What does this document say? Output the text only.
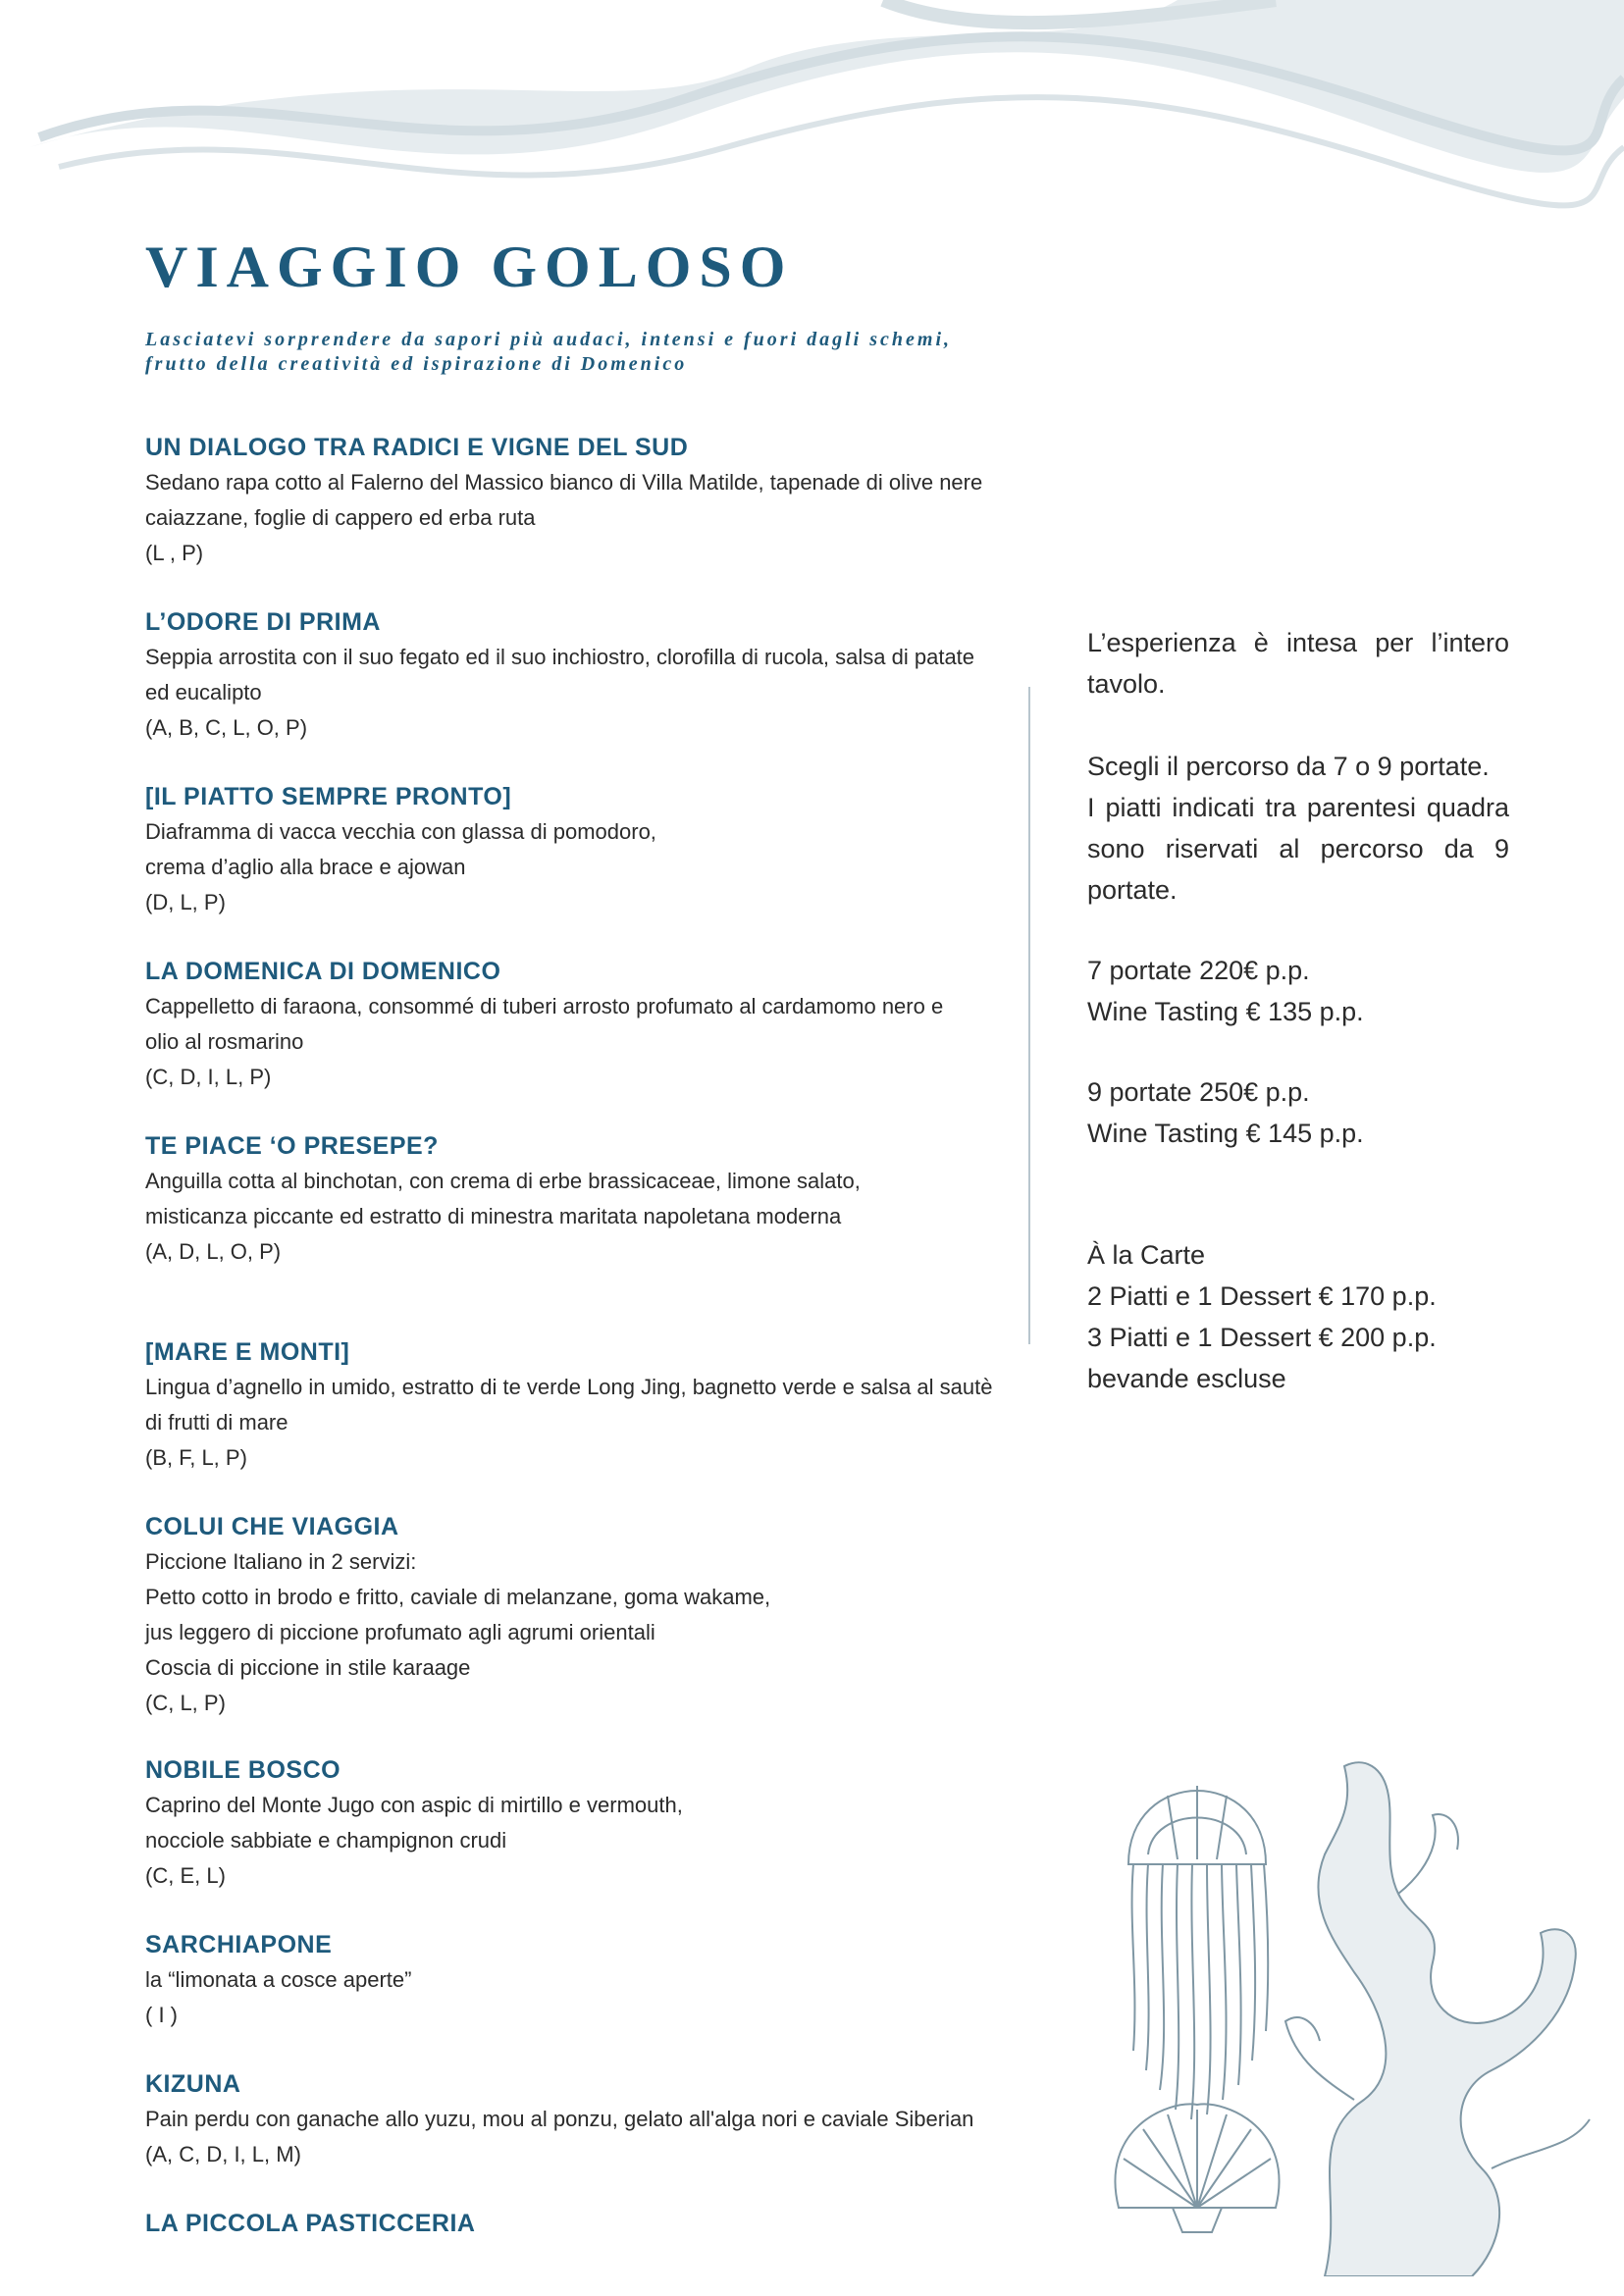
VIAGGIO GOLOSO

Lasciatevi sorprendere da sapori più audaci, intensi e fuori dagli schemi,
frutto della creatività ed ispirazione di Domenico

UN DIALOGO TRA RADICI E VIGNE DEL SUD
Sedano rapa cotto al Falerno del Massico bianco di Villa Matilde, tapenade di olive nere
caiazzane, foglie di cappero ed erba ruta
(L , P)
L’ODORE DI PRIMA
Seppia arrostita con il suo fegato ed il suo inchiostro, clorofilla di rucola, salsa di patate
ed eucalipto
(A, B, C, L, O, P)
[IL PIATTO SEMPRE PRONTO]
Diaframma di vacca vecchia con glassa di pomodoro,
crema d’aglio alla brace e ajowan
(D, L, P)
LA DOMENICA DI DOMENICO
Cappelletto di faraona, consommé di tuberi arrosto profumato al cardamomo nero e
olio al rosmarino
(C, D, I, L, P)
TE PIACE ‘O PRESEPE?
Anguilla cotta al binchotan, con crema di erbe brassicaceae, limone salato,
misticanza piccante ed estratto di minestra maritata napoletana moderna
(A, D, L, O, P)
[MARE E MONTI]
Lingua d’agnello in umido, estratto di te verde Long Jing, bagnetto verde e salsa al sautè
di frutti di mare
(B, F, L, P)
COLUI CHE VIAGGIA
Piccione Italiano in 2 servizi:
Petto cotto in brodo e fritto, caviale di melanzane, goma wakame,
jus leggero di piccione profumato agli agrumi orientali
Coscia di piccione in stile karaage
(C, L, P)
NOBILE BOSCO
Caprino del Monte Jugo con aspic di mirtillo e vermouth,
nocciole sabbiate e champignon crudi
(C, E, L)
SARCHIAPONE
la “limonata a cosce aperte”
( I )
KIZUNA
Pain perdu con ganache allo yuzu, mou al ponzu, gelato all'alga nori e caviale Siberian
(A, C, D, I, L, M)
LA PICCOLA PASTICCERIA
L’esperienza è intesa per l’intero
tavolo.
Scegli il percorso da 7 o 9 portate.
I piatti indicati tra parentesi quadra
sono riservati al percorso da 9
portate.
7 portate 220€ p.p.
Wine Tasting € 135 p.p.
9 portate 250€ p.p.
Wine Tasting € 145 p.p.
À la Carte
2 Piatti e 1 Dessert € 170 p.p.
3 Piatti e 1 Dessert € 200 p.p.
bevande escluse
